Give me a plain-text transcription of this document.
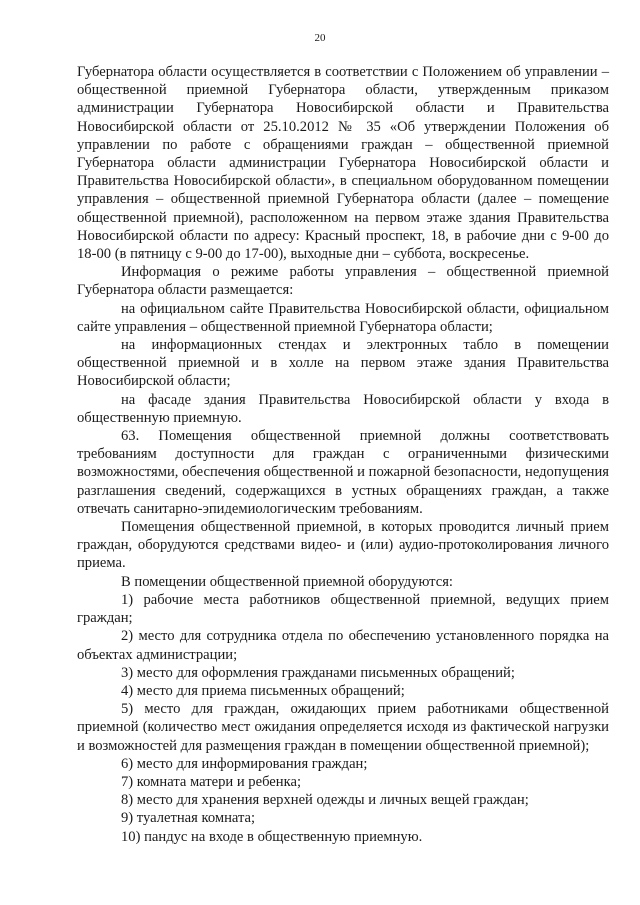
20

Губернатора области осуществляется в соответствии с Положением об управлении – общественной приемной Губернатора области, утвержденным приказом администрации Губернатора Новосибирской области и Правительства Новосибирской области от 25.10.2012 № 35 «Об утверждении Положения об управлении по работе с обращениями граждан – общественной приемной Губернатора области администрации Губернатора Новосибирской области и Правительства Новосибирской области», в специальном оборудованном помещении управления – общественной приемной Губернатора области (далее – помещение общественной приемной), расположенном на первом этаже здания Правительства Новосибирской области по адресу: Красный проспект, 18, в рабочие дни с 9-00 до 18-00 (в пятницу с 9-00 до 17-00), выходные дни – суббота, воскресенье.

Информация о режиме работы управления – общественной приемной Губернатора области размещается:

на официальном сайте Правительства Новосибирской области, официальном сайте управления – общественной приемной Губернатора области;

на информационных стендах и электронных табло в помещении общественной приемной и в холле на первом этаже здания Правительства Новосибирской области;

на фасаде здания Правительства Новосибирской области у входа в общественную приемную.

63. Помещения общественной приемной должны соответствовать требованиям доступности для граждан с ограниченными физическими возможностями, обеспечения общественной и пожарной безопасности, недопущения разглашения сведений, содержащихся в устных обращениях граждан, а также отвечать санитарно-эпидемиологическим требованиям.

Помещения общественной приемной, в которых проводится личный прием граждан, оборудуются средствами видео- и (или) аудио-протоколирования личного приема.

В помещении общественной приемной оборудуются:

1) рабочие места работников общественной приемной, ведущих прием граждан;

2) место для сотрудника отдела по обеспечению установленного порядка на объектах администрации;

3) место для оформления гражданами письменных обращений;

4) место для приема письменных обращений;

5) место для граждан, ожидающих прием работниками общественной приемной (количество мест ожидания определяется исходя из фактической нагрузки и возможностей для размещения граждан в помещении общественной приемной);

6) место для информирования граждан;

7) комната матери и ребенка;

8) место для хранения верхней одежды и личных вещей граждан;

9) туалетная комната;

10) пандус на входе в общественную приемную.
